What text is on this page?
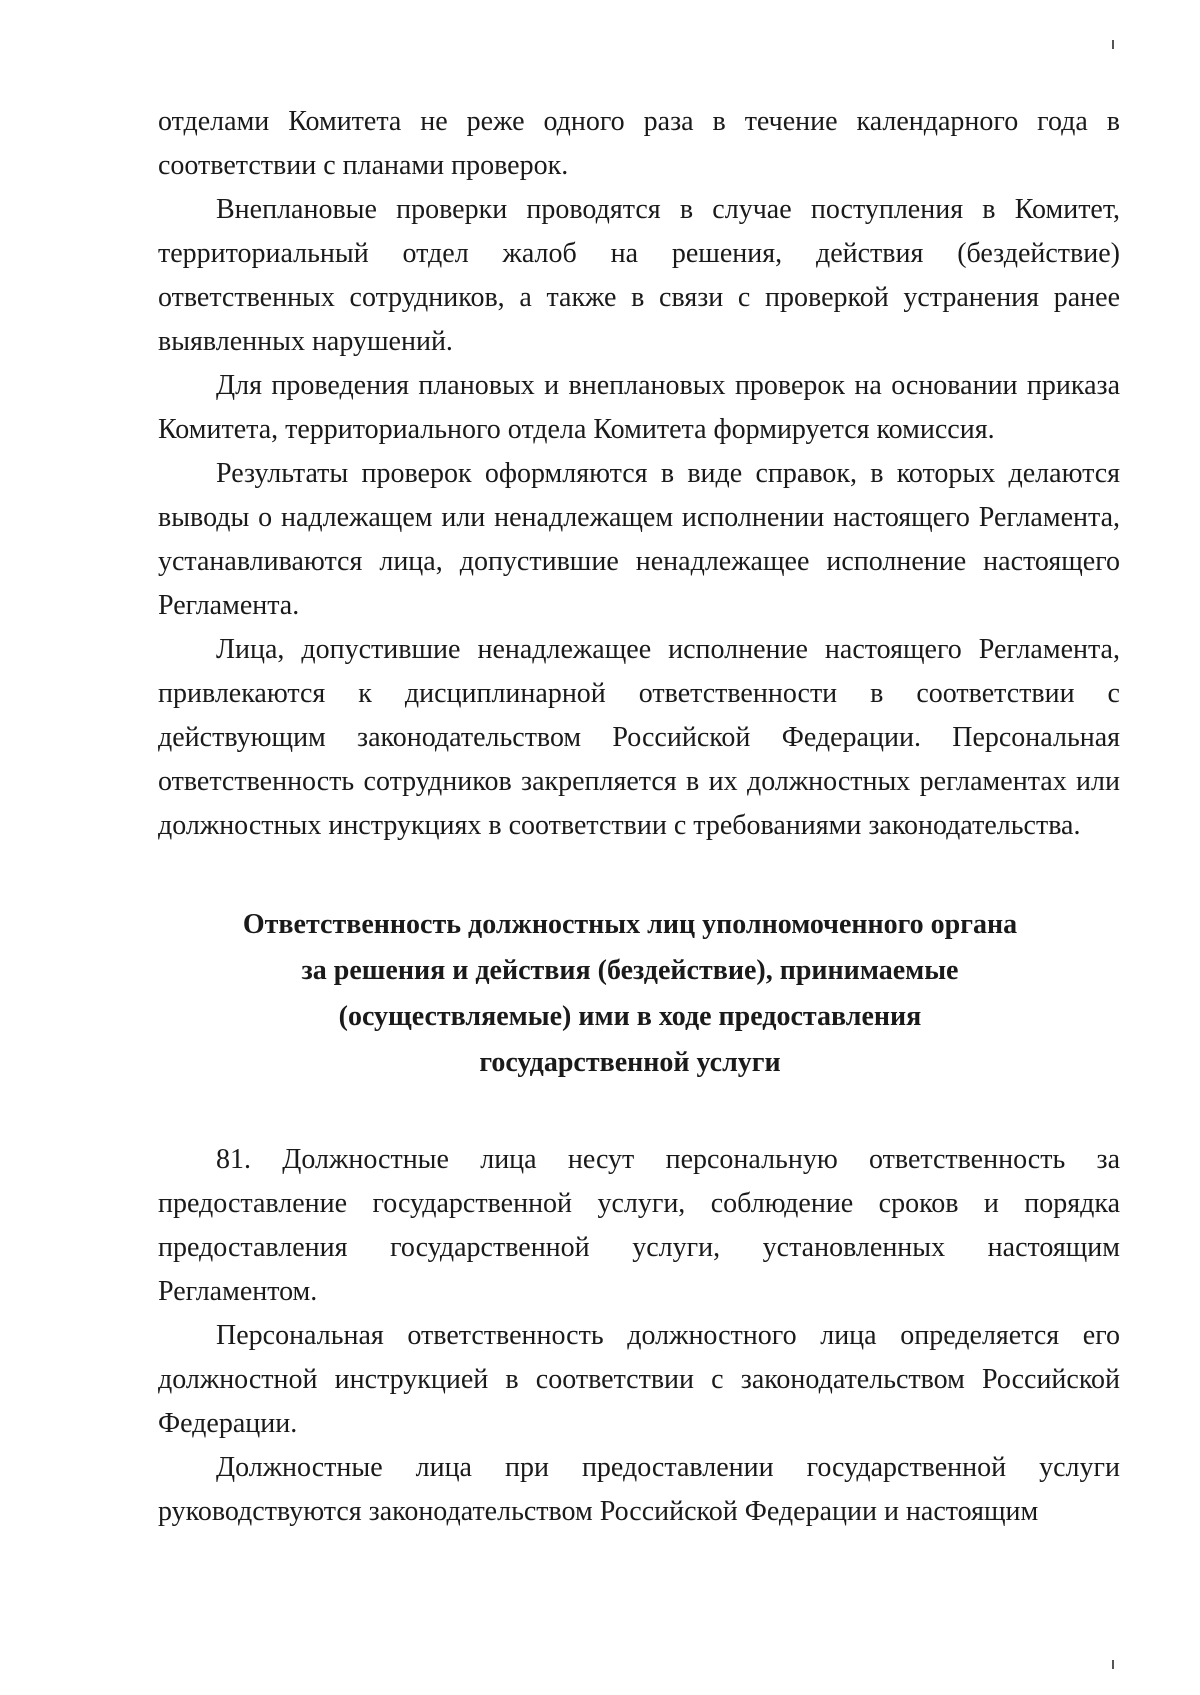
отделами Комитета не реже одного раза в течение календарного года в соответствии с планами проверок.

Внеплановые проверки проводятся в случае поступления в Комитет, территориальный отдел жалоб на решения, действия (бездействие) ответственных сотрудников, а также в связи с проверкой устранения ранее выявленных нарушений.

Для проведения плановых и внеплановых проверок на основании приказа Комитета, территориального отдела Комитета формируется комиссия.

Результаты проверок оформляются в виде справок, в которых делаются выводы о надлежащем или ненадлежащем исполнении настоящего Регламента, устанавливаются лица, допустившие ненадлежащее исполнение настоящего Регламента.

Лица, допустившие ненадлежащее исполнение настоящего Регламента, привлекаются к дисциплинарной ответственности в соответствии с действующим законодательством Российской Федерации. Персональная ответственность сотрудников закрепляется в их должностных регламентах или должностных инструкциях в соответствии с требованиями законодательства.

Ответственность должностных лиц уполномоченного органа
за решения и действия (бездействие), принимаемые
(осуществляемые) ими в ходе предоставления
государственной услуги

81. Должностные лица несут персональную ответственность за предоставление государственной услуги, соблюдение сроков и порядка предоставления государственной услуги, установленных настоящим Регламентом.

Персональная ответственность должностного лица определяется его должностной инструкцией в соответствии с законодательством Российской Федерации.

Должностные лица при предоставлении государственной услуги руководствуются законодательством Российской Федерации и настоящим
